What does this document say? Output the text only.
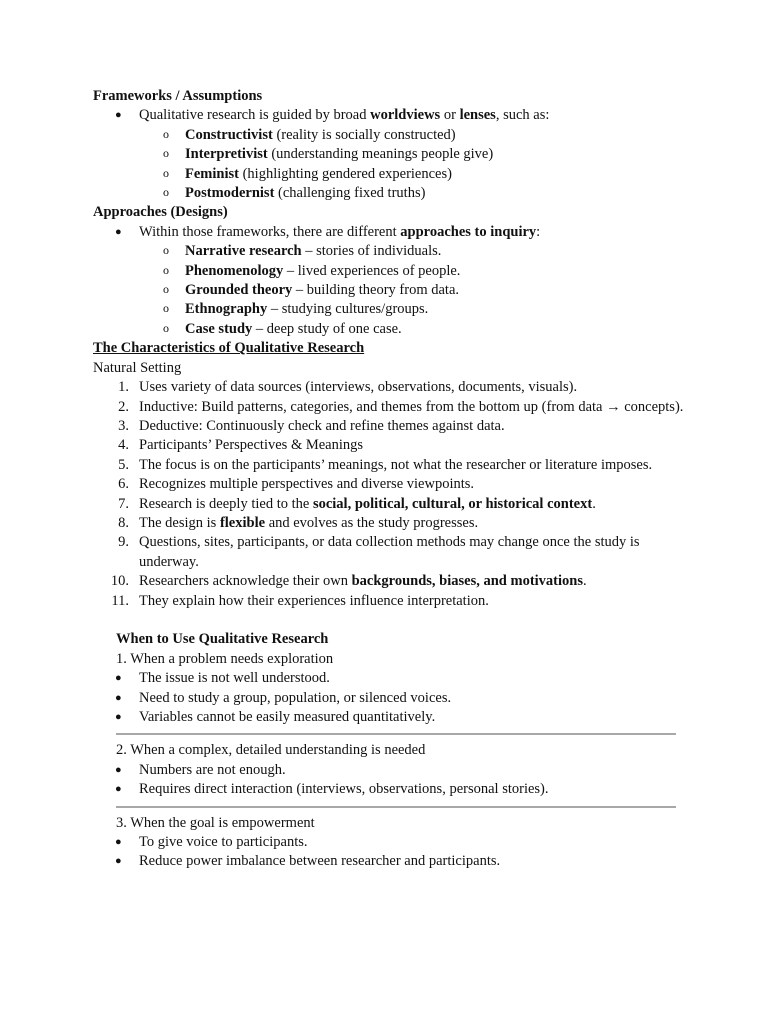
Frameworks / Assumptions
● Qualitative research is guided by broad worldviews or lenses, such as:
o Constructivist (reality is socially constructed)
o Interpretivist (understanding meanings people give)
o Feminist (highlighting gendered experiences)
o Postmodernist (challenging fixed truths)
Approaches (Designs)
● Within those frameworks, there are different approaches to inquiry:
o Narrative research – stories of individuals.
o Phenomenology – lived experiences of people.
o Grounded theory – building theory from data.
o Ethnography – studying cultures/groups.
o Case study – deep study of one case.
The Characteristics of Qualitative Research
Natural Setting
1. Uses variety of data sources (interviews, observations, documents, visuals).
2. Inductive: Build patterns, categories, and themes from the bottom up (from data → concepts).
3. Deductive: Continuously check and refine themes against data.
4. Participants’ Perspectives & Meanings
5. The focus is on the participants’ meanings, not what the researcher or literature imposes.
6. Recognizes multiple perspectives and diverse viewpoints.
7. Research is deeply tied to the social, political, cultural, or historical context.
8. The design is flexible and evolves as the study progresses.
9. Questions, sites, participants, or data collection methods may change once the study is underway.
10. Researchers acknowledge their own backgrounds, biases, and motivations.
11. They explain how their experiences influence interpretation.
When to Use Qualitative Research
1. When a problem needs exploration
● The issue is not well understood.
● Need to study a group, population, or silenced voices.
● Variables cannot be easily measured quantitatively.
2. When a complex, detailed understanding is needed
● Numbers are not enough.
● Requires direct interaction (interviews, observations, personal stories).
3. When the goal is empowerment
● To give voice to participants.
● Reduce power imbalance between researcher and participants.
